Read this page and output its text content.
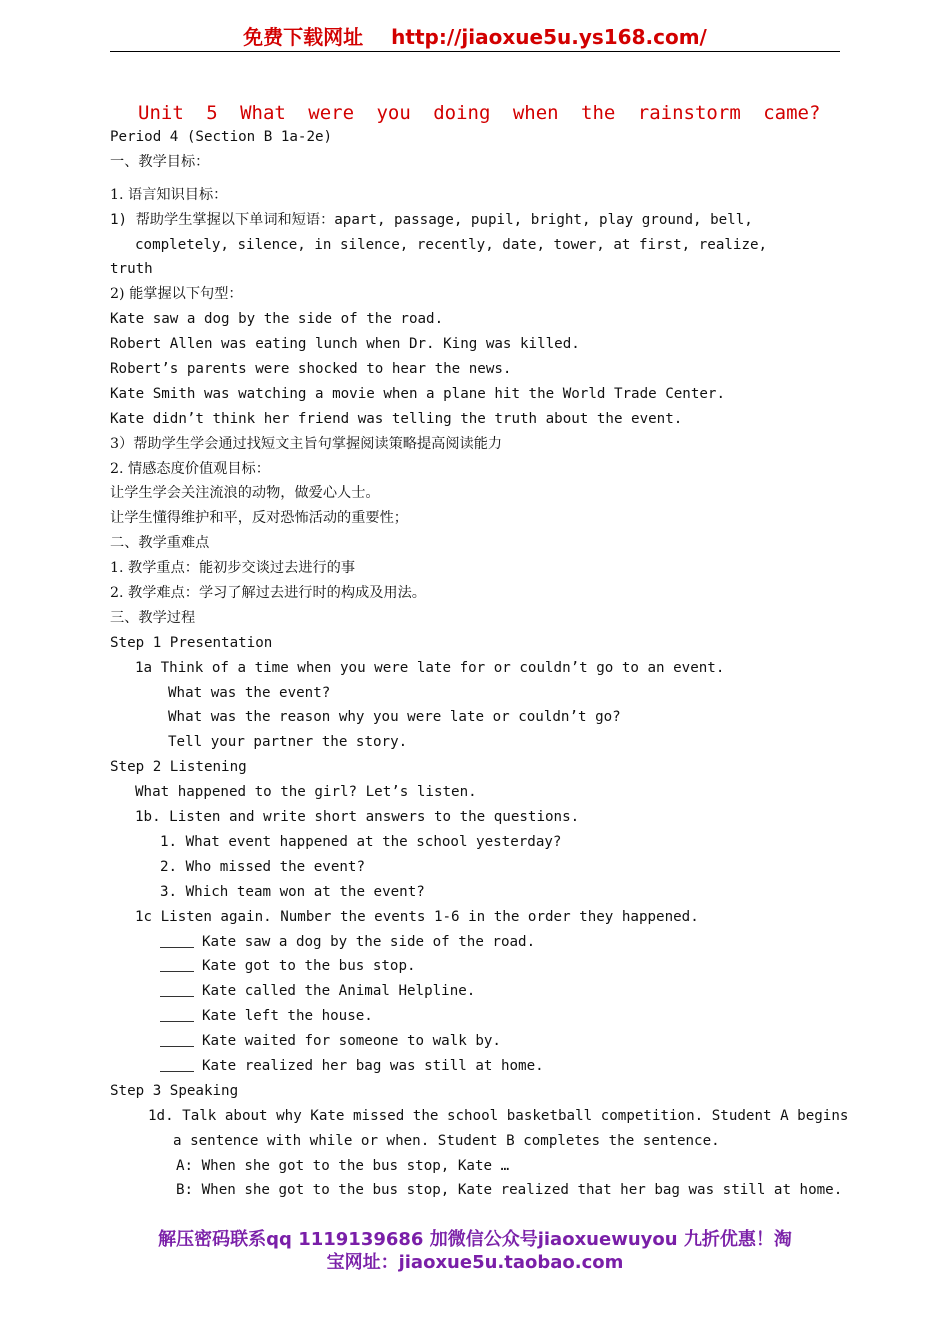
免费下载网址 http://jiaoxue5u.ys168.com/
Unit 5 What were you doing when the rainstorm came?
Period 4 (Section B 1a-2e)
一、教学目标：
1. 语言知识目标：
1) 帮助学生掌握以下单词和短语：apart, passage, pupil, bright, play ground, bell,
completely, silence, in silence, recently, date, tower, at first, realize,
truth
2) 能掌握以下句型：
Kate saw a dog by the side of the road.
Robert Allen was eating lunch when Dr. King was killed.
Robert’s parents were shocked to hear the news.
Kate Smith was watching a movie when a plane hit the World Trade Center.
Kate didn’t think her friend was telling the truth about the event.
3）帮助学生学会通过找短文主旨句掌握阅读策略提高阅读能力
2. 情感态度价值观目标：
让学生学会关注流浪的动物，做爱心人士。
让学生懂得维护和平，反对恐怖活动的重要性；
二、教学重难点
1. 教学重点：能初步交谈过去进行的事
2. 教学难点：学习了解过去进行时的构成及用法。
三、教学过程
Step 1 Presentation
1a Think of a time when you were late for or couldn’t go to an event.
What was the event?
What was the reason why you were late or couldn’t go?
Tell your partner the story.
Step 2 Listening
What happened to the girl? Let’s listen.
1b. Listen and write short answers to the questions.
1. What event happened at the school yesterday?
2. Who missed the event?
3. Which team won at the event?
1c Listen again. Number the events 1-6 in the order they happened.
Kate saw a dog by the side of the road.
Kate got to the bus stop.
Kate called the Animal Helpline.
Kate left the house.
Kate waited for someone to walk by.
Kate realized her bag was still at home.
Step 3 Speaking
1d. Talk about why Kate missed the school basketball competition. Student A begins
a sentence with while or when. Student B completes the sentence.
A: When she got to the bus stop, Kate …
B: When she got to the bus stop, Kate realized that her bag was still at home.
解压密码联系qq 1119139686 加微信公众号jiaoxuewuyou 九折优惠！淘
宝网址：jiaoxue5u.taobao.com
